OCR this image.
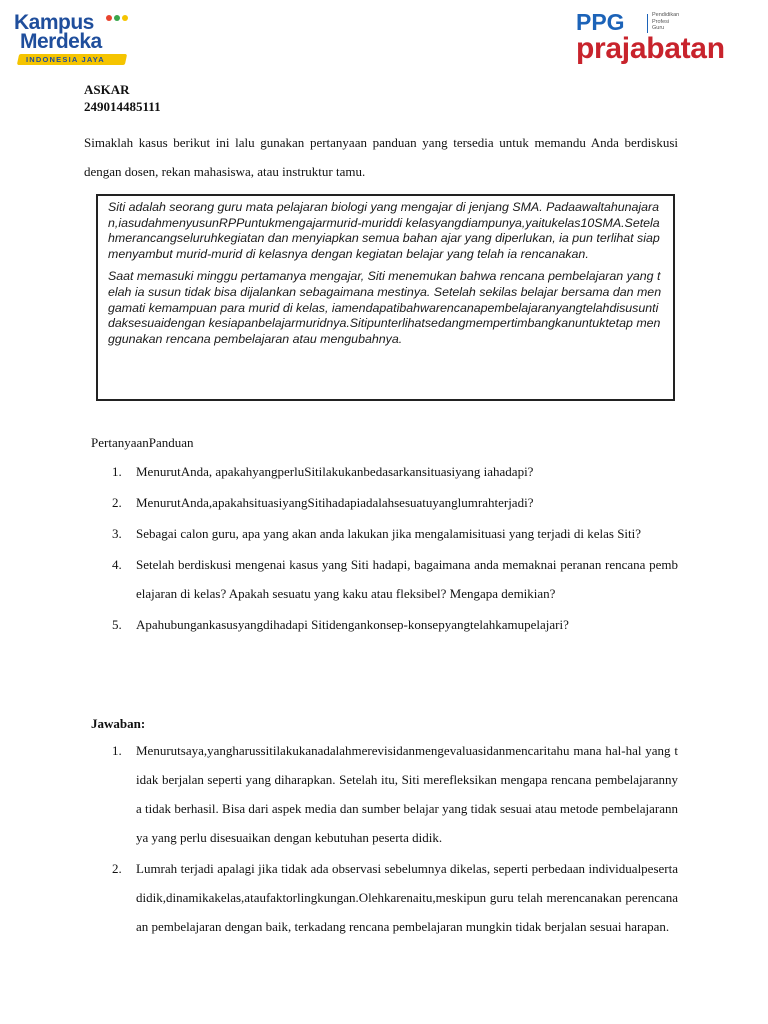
Kampus
Merdeka
INDONESIA JAYA
PPG	Pendidikan
Profesi
Guru
prajabatan
ASKAR
249014485111
Simaklah kasus berikut ini lalu gunakan pertanyaan panduan yang tersedia untuk memandu Anda berdiskusi dengan dosen, rekan mahasiswa, atau instruktur tamu.

Siti adalah seorang guru mata pelajaran biologi yang mengajar di jenjang SMA. Padaawaltahunajaran,iasudahmenyusunRPPuntukmengajarmurid-muriddi kelasyangdiampunya,yaitukelas10SMA.Setelahmerancangseluruhkegiatan dan menyiapkan semua bahan ajar yang diperlukan, ia pun terlihat siap menyambut murid-murid di kelasnya dengan kegiatan belajar yang telah ia rencanakan.

Saat memasuki minggu pertamanya mengajar, Siti menemukan bahwa rencana pembelajaran yang telah ia susun tidak bisa dijalankan sebagaimana mestinya. Setelah sekilas belajar bersama dan mengamati kemampuan para murid di kelas, iamendapatibahwarencanapembelajaranyangtelahdisusuntidaksesuaidengan kesiapanbelajarmuridnya.Sitipunterlihatsedangmempertimbangkanuntuktetap menggunakan rencana pembelajaran atau mengubahnya.

PertanyaanPanduan
1. MenurutAnda, apakahyangperluSitilakukanbedasarkansituasiyang iahadapi?
2. MenurutAnda,apakahsituasiyangSitihadapiadalahsesuatuyanglumrahterjadi?
3. Sebagai calon guru, apa yang akan anda lakukan jika mengalamisituasi yang terjadi di kelas Siti?
4. Setelah berdiskusi mengenai kasus yang Siti hadapi, bagaimana anda memaknai peranan rencana pembelajaran di kelas? Apakah sesuatu yang kaku atau fleksibel? Mengapa demikian?
5. Apahubungankasusyangdihadapi Sitidengankonsep-konsepyangtelahkamupelajari?
Jawaban:
1. Menurutsaya,yangharussitilakukanadalahmerevisidanmengevaluasidanmencaritahu mana hal-hal yang tidak berjalan seperti yang diharapkan. Setelah itu, Siti merefleksikan mengapa rencana pembelajarannya tidak berhasil. Bisa dari aspek media dan sumber belajar yang tidak sesuai atau metode pembelajarannya yang perlu disesuaikan dengan kebutuhan peserta didik.
2. Lumrah terjadi apalagi jika tidak ada observasi sebelumnya dikelas, seperti perbedaan individualpesertadidik,dinamikakelas,ataufaktorlingkungan.Olehkarenaitu,meskipun guru telah merencanakan perencanaan pembelajaran dengan baik, terkadang rencana pembelajaran mungkin tidak berjalan sesuai harapan.
